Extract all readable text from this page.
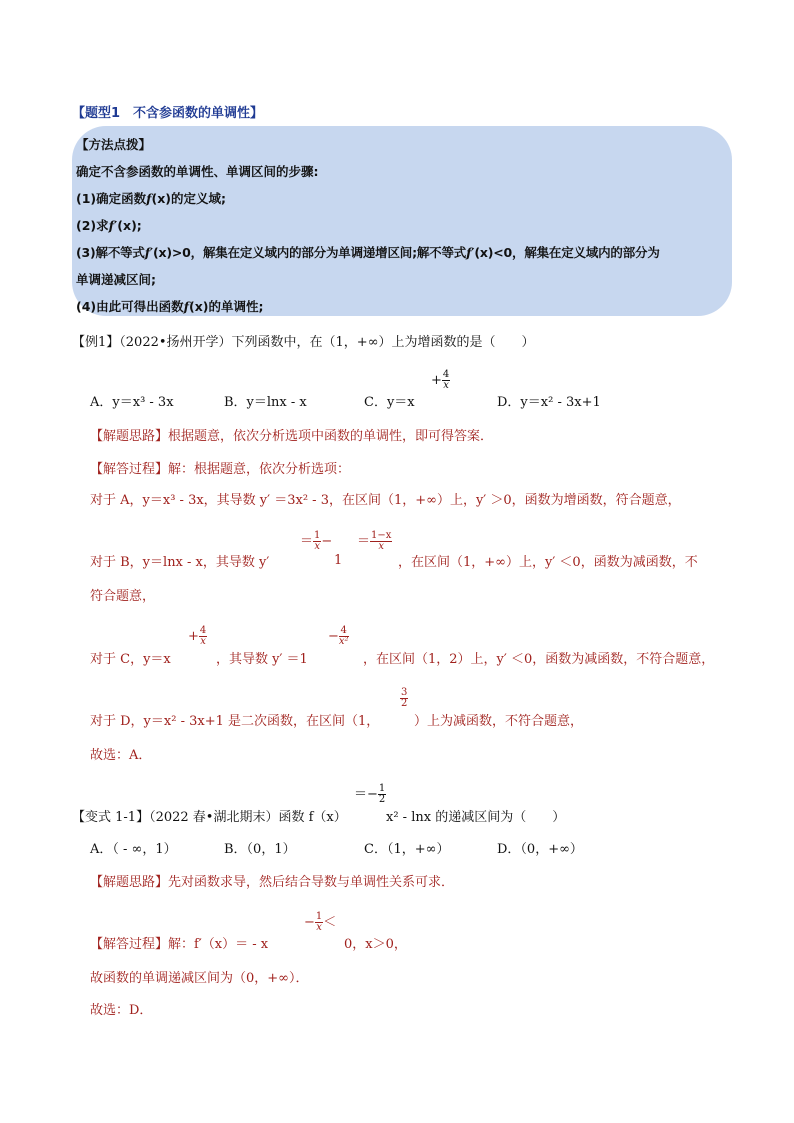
【题型1　不含参函数的单调性】
【方法点拨】
确定不含参函数的单调性、单调区间的步骤:
(1)确定函数f(x)的定义域;
(2)求f′(x);
(3)解不等式f′(x)>0，解集在定义域内的部分为单调递增区间;解不等式f′(x)<0，解集在定义域内的部分为
单调递减区间;
(4)由此可得出函数f(x)的单调性;
【例1】（2022•扬州开学）下列函数中，在（1，+∞）上为增函数的是（　　）
A．y＝x³ - 3x	B．y＝lnx - x	C．y＝x
+ $\frac{4}{x}$
D．y＝x² - 3x+1
【解题思路】根据题意，依次分析选项中函数的单调性，即可得答案．
【解答过程】解：根据题意，依次分析选项：
对于 A，y＝x³ - 3x，其导数 y′ ＝3x² - 3，在区间（1，+∞）上，y′ ＞0，函数为增函数，符合题意，
对于 B，y＝lnx - x，其导数 y′
＝ $\frac{1}{x}$ −
1
＝ $\frac{1-x}{x}$
，在区间（1，+∞）上，y′ ＜0，函数为减函数，不
符合题意，
对于 C，y＝x
+ $\frac{4}{x}$
，其导数 y′ ＝1
− $\frac{4}{\text{x²}}$
，在区间（1，2）上，y′ ＜0，函数为减函数，不符合题意，
对于 D，y＝x² - 3x+1 是二次函数，在区间（1，
$\frac{3}{2}$
）上为减函数，不符合题意，
故选：A．
【变式 1-1】（2022 春•湖北期末）函数 f（x）
＝− $\frac{1}{2}$
x² - lnx 的递减区间为（　　）
A．（ - ∞，1）	B．（0，1）	C．（1，+∞）	D．（0，+∞）
【解题思路】先对函数求导，然后结合导数与单调性关系可求．
【解答过程】解：f′（x）＝ - x
− $\frac{1}{x}$ ＜
0，x＞0，
故函数的单调递减区间为（0，+∞）．
故选：D．
